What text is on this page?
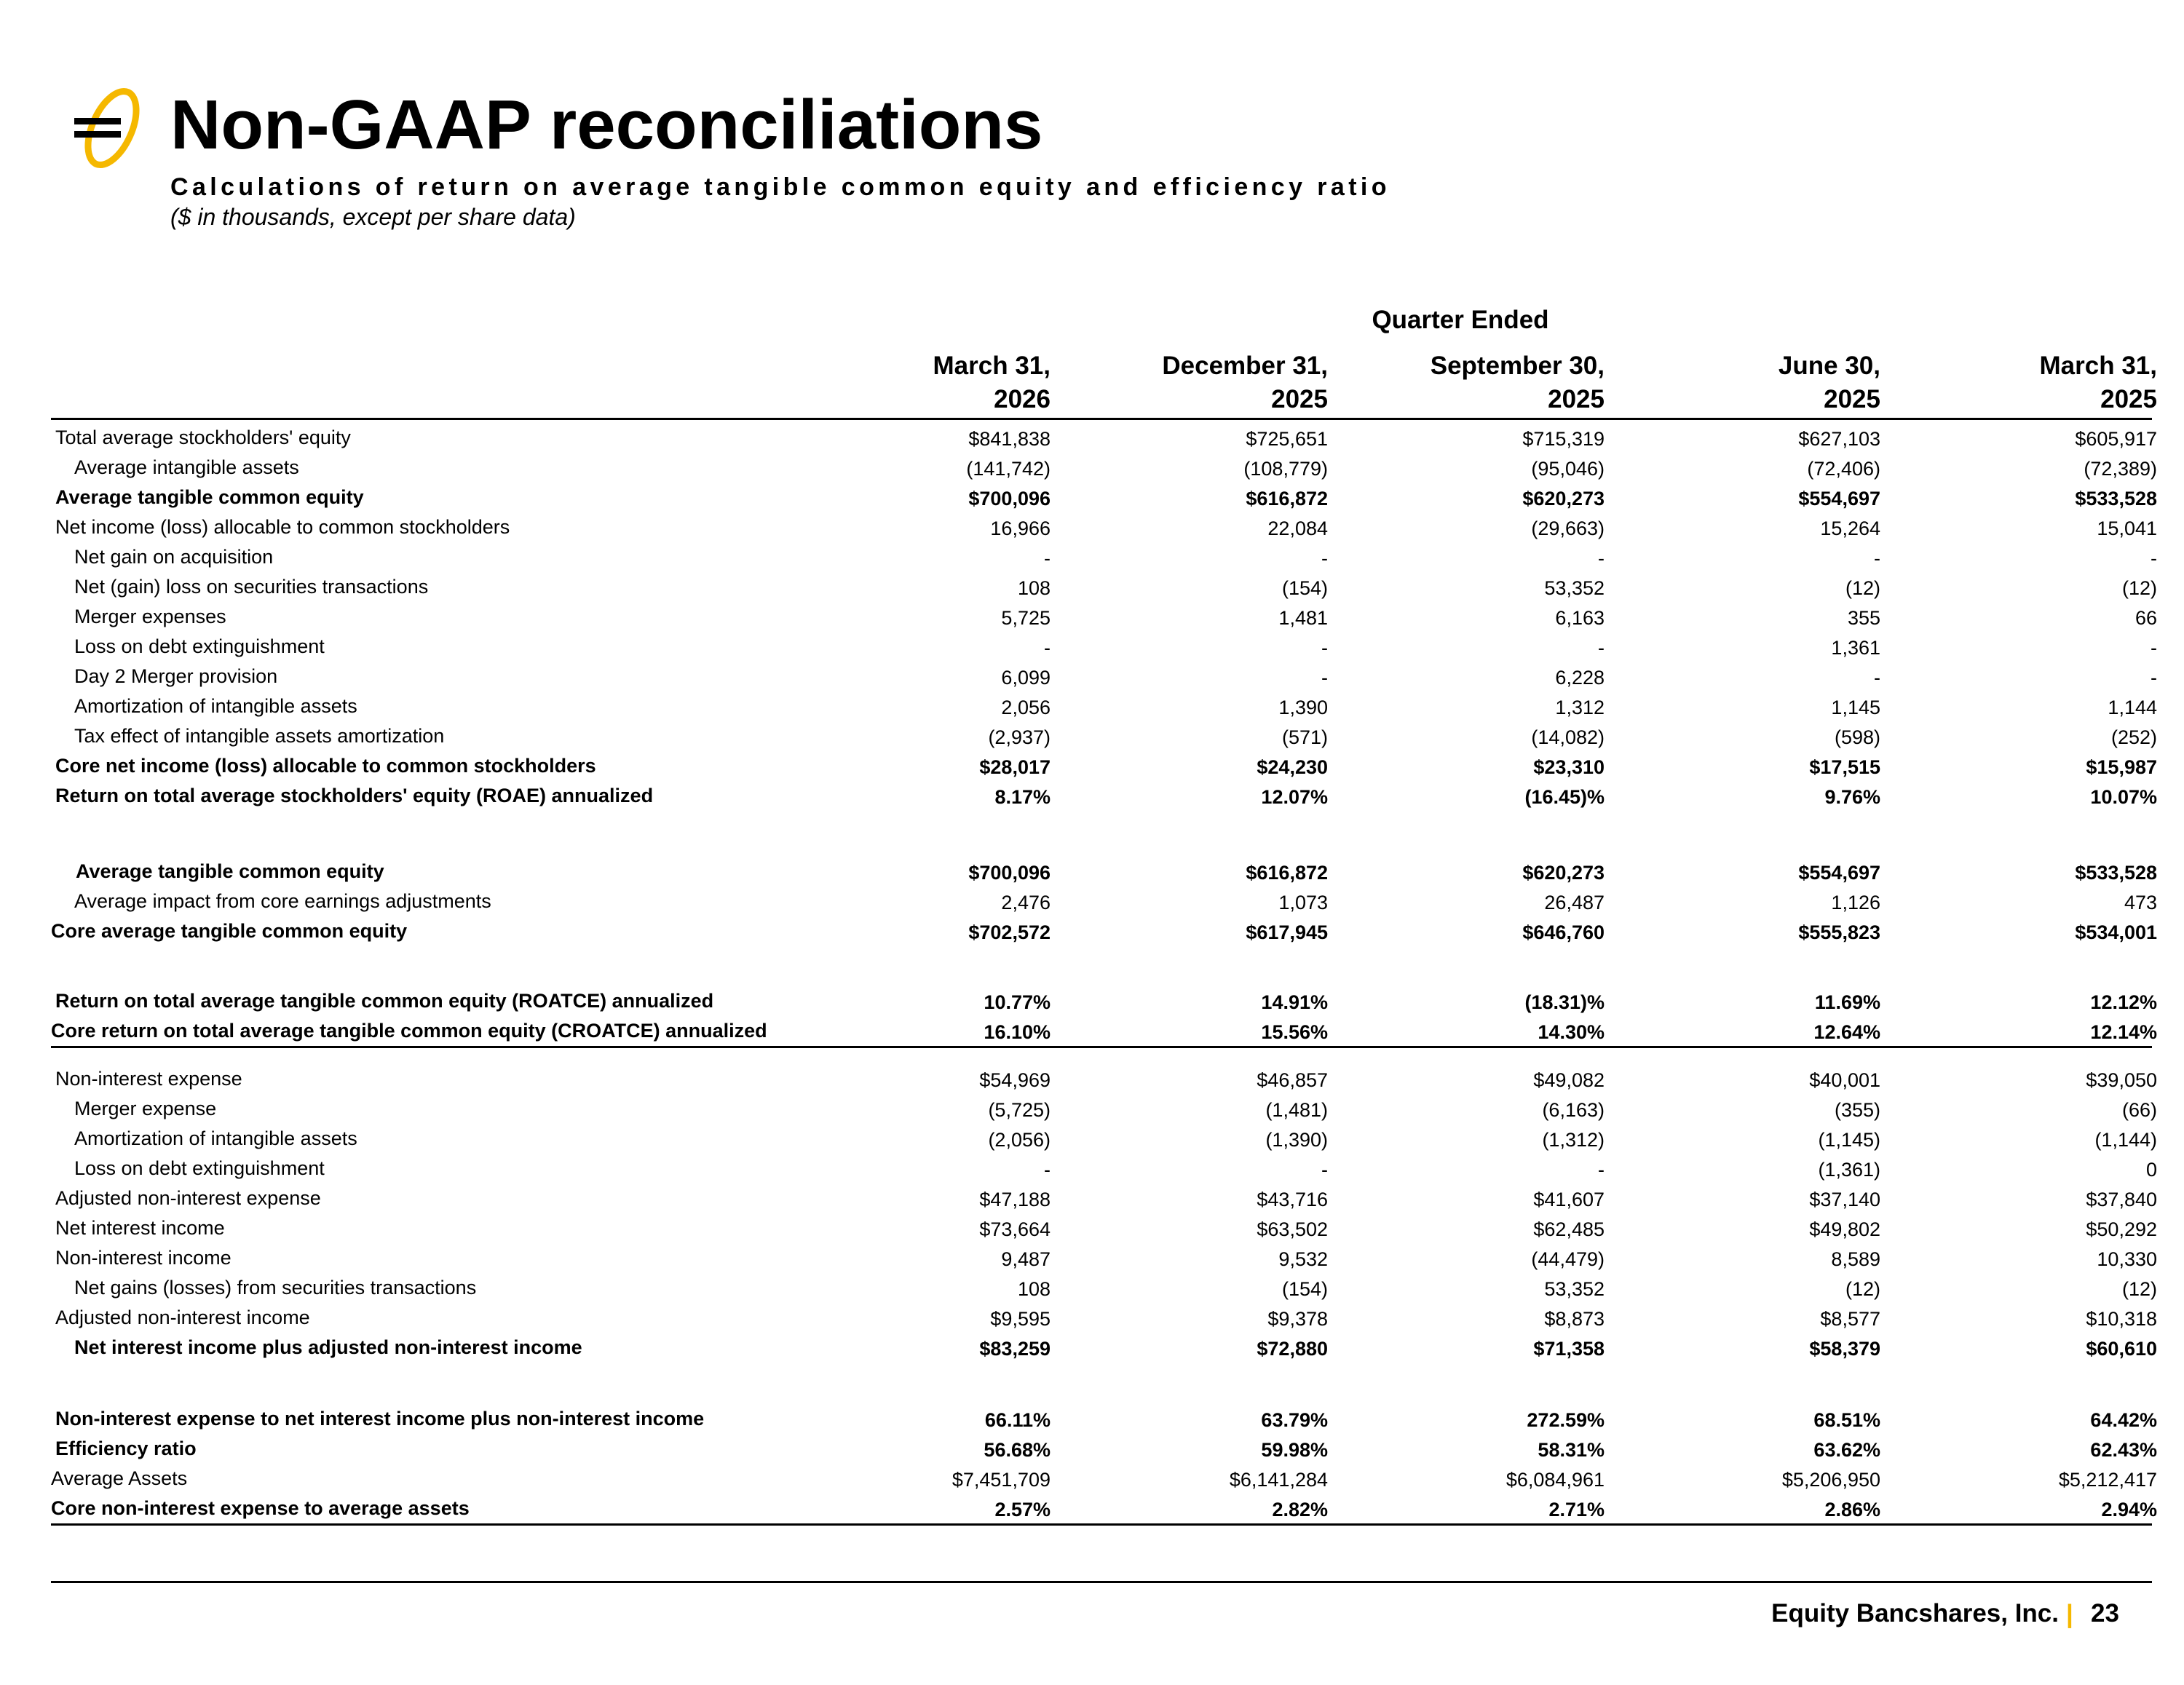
Non-GAAP reconciliations
Calculations of return on average tangible common equity and efficiency ratio
($ in thousands, except per share data)
Quarter Ended
March 31,
2026
December 31,
2025
September 30,
2025
June 30,
2025
March 31,
2025
Total average stockholders' equity	$841,838	$725,651	$715,319	$627,103	$605,917
Average intangible assets	(141,742)	(108,779)	(95,046)	(72,406)	(72,389)
Average tangible common equity	$700,096	$616,872	$620,273	$554,697	$533,528
Net income (loss) allocable to common stockholders	16,966	22,084	(29,663)	15,264	15,041
Net gain on acquisition	-	-	-	-	-
Net (gain) loss on securities transactions	108	(154)	53,352	(12)	(12)
Merger expenses	5,725	1,481	6,163	355	66
Loss on debt extinguishment	-	-	-	1,361	-
Day 2 Merger provision	6,099	-	6,228	-	-
Amortization of intangible assets	2,056	1,390	1,312	1,145	1,144
Tax effect of intangible assets amortization	(2,937)	(571)	(14,082)	(598)	(252)
Core net income (loss) allocable to common stockholders	$28,017	$24,230	$23,310	$17,515	$15,987
Return on total average stockholders' equity (ROAE) annualized	8.17%	12.07%	(16.45)%	9.76%	10.07%
Average tangible common equity	$700,096	$616,872	$620,273	$554,697	$533,528
Average impact from core earnings adjustments	2,476	1,073	26,487	1,126	473
Core average tangible common equity	$702,572	$617,945	$646,760	$555,823	$534,001
Return on total average tangible common equity (ROATCE) annualized	10.77%	14.91%	(18.31)%	11.69%	12.12%
Core return on total average tangible common equity (CROATCE) annualized	16.10%	15.56%	14.30%	12.64%	12.14%
Non-interest expense	$54,969	$46,857	$49,082	$40,001	$39,050
Merger expense	(5,725)	(1,481)	(6,163)	(355)	(66)
Amortization of intangible assets	(2,056)	(1,390)	(1,312)	(1,145)	(1,144)
Loss on debt extinguishment	-	-	-	(1,361)	0
Adjusted non-interest expense	$47,188	$43,716	$41,607	$37,140	$37,840
Net interest income	$73,664	$63,502	$62,485	$49,802	$50,292
Non-interest income	9,487	9,532	(44,479)	8,589	10,330
Net gains (losses) from securities transactions	108	(154)	53,352	(12)	(12)
Adjusted non-interest income	$9,595	$9,378	$8,873	$8,577	$10,318
Net interest income plus adjusted non-interest income	$83,259	$72,880	$71,358	$58,379	$60,610
Non-interest expense to net interest income plus non-interest income	66.11%	63.79%	272.59%	68.51%	64.42%
Efficiency ratio	56.68%	59.98%	58.31%	63.62%	62.43%
Average Assets	$7,451,709	$6,141,284	$6,084,961	$5,206,950	$5,212,417
Core non-interest expense to average assets	2.57%	2.82%	2.71%	2.86%	2.94%
Equity Bancshares, Inc. | 23
